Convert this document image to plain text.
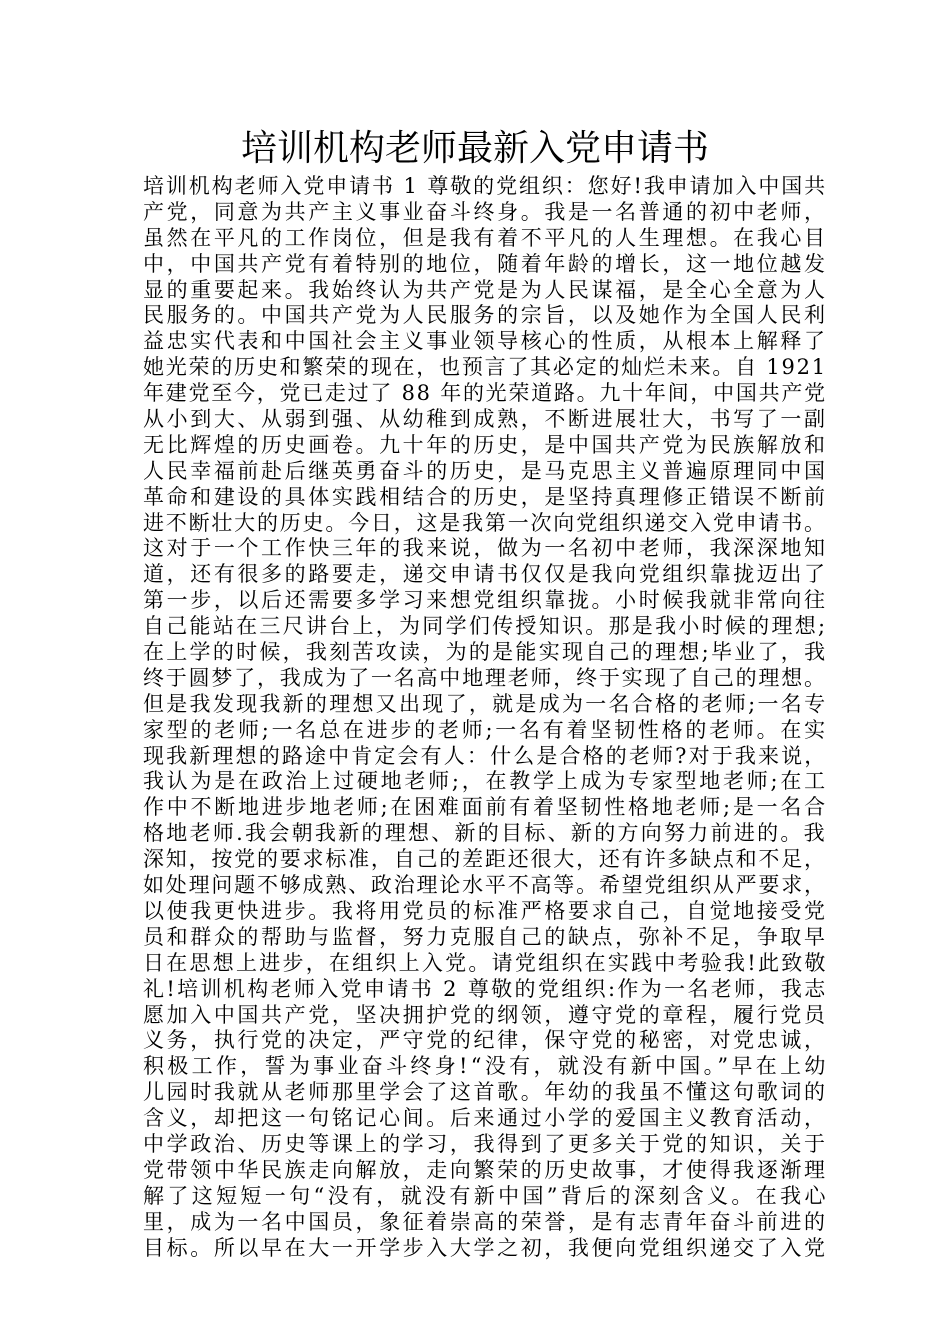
培训机构老师最新入党申请书
培训机构老师入党申请书 1 尊敬的党组织：您好!我申请加入中国共
产党，同意为共产主义事业奋斗终身。我是一名普通的初中老师，
虽然在平凡的工作岗位，但是我有着不平凡的人生理想。在我心目
中，中国共产党有着特别的地位，随着年龄的增长，这一地位越发
显的重要起来。我始终认为共产党是为人民谋福，是全心全意为人
民服务的。中国共产党为人民服务的宗旨，以及她作为全国人民利
益忠实代表和中国社会主义事业领导核心的性质，从根本上解释了
她光荣的历史和繁荣的现在，也预言了其必定的灿烂未来。自 1921
年建党至今，党已走过了 88 年的光荣道路。九十年间，中国共产党
从小到大、从弱到强、从幼稚到成熟，不断进展壮大，书写了一副
无比辉煌的历史画卷。九十年的历史，是中国共产党为民族解放和
人民幸福前赴后继英勇奋斗的历史，是马克思主义普遍原理同中国
革命和建设的具体实践相结合的历史，是坚持真理修正错误不断前
进不断壮大的历史。今日，这是我第一次向党组织递交入党申请书。
这对于一个工作快三年的我来说，做为一名初中老师，我深深地知
道，还有很多的路要走，递交申请书仅仅是我向党组织靠拢迈出了
第一步，以后还需要多学习来想党组织靠拢。小时候我就非常向往
自己能站在三尺讲台上，为同学们传授知识。那是我小时候的理想;
在上学的时候，我刻苦攻读，为的是能实现自己的理想;毕业了，我
终于圆梦了，我成为了一名高中地理老师，终于实现了自己的理想。
但是我发现我新的理想又出现了，就是成为一名合格的老师;一名专
家型的老师;一名总在进步的老师;一名有着坚韧性格的老师。在实
现我新理想的路途中肯定会有人：什么是合格的老师?对于我来说，
我认为是在政治上过硬地老师;，在教学上成为专家型地老师;在工
作中不断地进步地老师;在困难面前有着坚韧性格地老师;是一名合
格地老师.我会朝我新的理想、新的目标、新的方向努力前进的。我
深知，按党的要求标准，自己的差距还很大，还有许多缺点和不足，
如处理问题不够成熟、政治理论水平不高等。希望党组织从严要求，
以使我更快进步。我将用党员的标准严格要求自己，自觉地接受党
员和群众的帮助与监督，努力克服自己的缺点，弥补不足，争取早
日在思想上进步，在组织上入党。请党组织在实践中考验我!此致敬
礼!培训机构老师入党申请书 2 尊敬的党组织:作为一名老师，我志
愿加入中国共产党，坚决拥护党的纲领，遵守党的章程，履行党员
义务，执行党的决定，严守党的纪律，保守党的秘密，对党忠诚，
积极工作，誓为事业奋斗终身!“没有，就没有新中国。”早在上幼
儿园时我就从老师那里学会了这首歌。年幼的我虽不懂这句歌词的
含义，却把这一句铭记心间。后来通过小学的爱国主义教育活动，
中学政治、历史等课上的学习，我得到了更多关于党的知识，关于
党带领中华民族走向解放，走向繁荣的历史故事，才使得我逐渐理
解了这短短一句“没有，就没有新中国”背后的深刻含义。在我心
里，成为一名中国员，象征着崇高的荣誉，是有志青年奋斗前进的
目标。所以早在大一开学步入大学之初，我便向党组织递交了入党
